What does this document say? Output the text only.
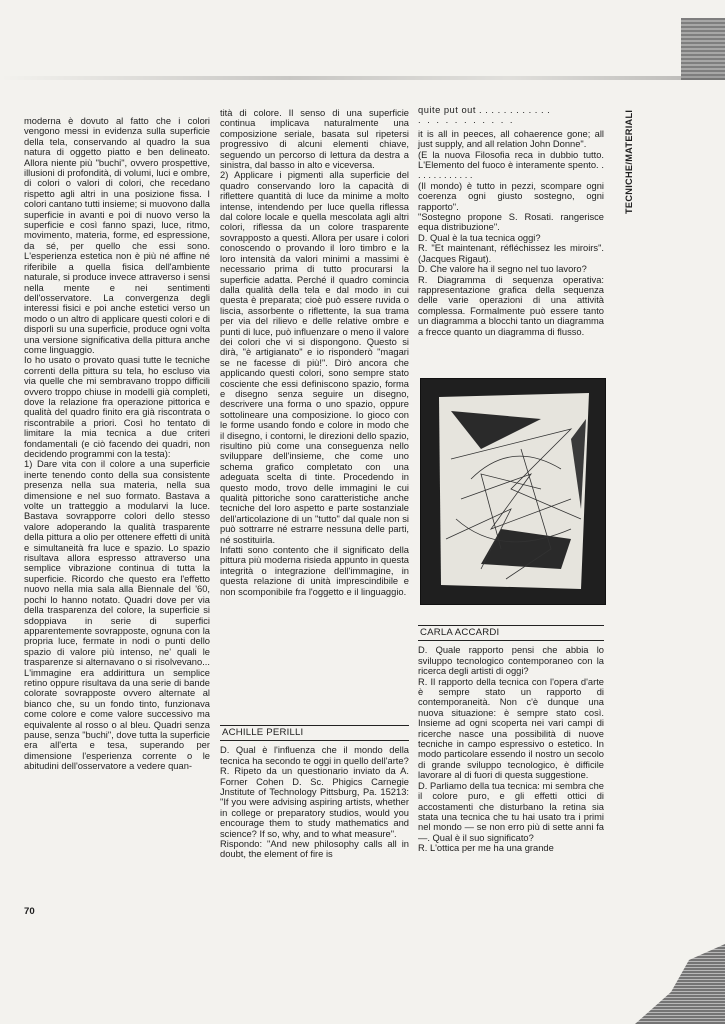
TECNICHE/MATERIALI

moderna è dovuto al fatto che i colori vengono messi in evidenza sulla superficie della tela, conservando al quadro la sua natura di oggetto piatto e ben delineato. Allora niente più "buchi", ovvero prospettive, illusioni di profondità, di volumi, luci e ombre, di colori o valori di colori, che recedano rispetto agli altri in una posizione fissa. I colori cantano tutti insieme; si muovono dalla superficie in avanti e poi di nuovo verso la superficie e così fanno spazi, luce, ritmo, movimento, materia, forme, ed espressione, da sé, per quello che essi sono. L'esperienza estetica non è più né affine né riferibile a quella fisica dell'ambiente naturale, si produce invece attraverso i sensi nella mente e nei sentimenti dell'osservatore. La convergenza degli interessi fisici e poi anche estetici verso un modo o un altro di applicare questi colori e di disporli su una superficie, produce ogni volta una versione significativa della pittura anche come linguaggio.
Io ho usato o provato quasi tutte le tecniche correnti della pittura su tela, ho escluso via via quelle che mi sembravano troppo difficili ovvero troppo chiuse in modelli già completi, dove la relazione fra operazione pittorica e qualità del quadro finito era già riscontrata o riscontrabile a priori. Così ho tentato di limitare la mia tecnica a due criteri fondamentali (e ciò facendo dei quadri, non decidendo programmi con la testa):
1) Dare vita con il colore a una superficie inerte tenendo conto della sua consistente presenza nella sua materia, nella sua dimensione e nel suo formato. Bastava a volte un tratteggio a modularvi la luce. Bastava sovrapporre colori dello stesso valore adoperando la qualità trasparente della pittura a olio per ottenere effetti di unità e simultaneità fra luce e spazio. Lo spazio risultava allora espresso attraverso una semplice vibrazione continua di tutta la superficie. Ricordo che questo era l'effetto nuovo nella mia sala alla Biennale del '60, pochi lo hanno notato. Quadri dove per via della trasparenza del colore, la superficie si sdoppiava in serie di superfici apparentemente sovrapposte, ognuna con la propria luce, fermate in nodi o punti dello spazio di valore più intenso, ne' quali le trasparenze si alternavano o si risolvevano... L'immagine era addirittura un semplice retino oppure risultava da una serie di bande colorate sovrapposte ovvero alternate al bianco che, su un fondo tinto, funzionava come colore e come valore successivo ma equivalente al rosso o al bleu. Quadri senza pause, senza "buchi", dove tutta la superficie era all'erta e tesa, superando per dimensione l'esperienza corrente o le abitudini dell'osservatore a vedere quan-

tità di colore. Il senso di una superficie continua implicava naturalmente una composizione seriale, basata sul ripetersi progressivo di alcuni elementi chiave, seguendo un percorso di lettura da destra a sinistra, dal basso in alto e viceversa.
2) Applicare i pigmenti alla superficie del quadro conservando loro la capacità di riflettere quantità di luce da minime a molto intense, intendendo per luce quella riflessa dal colore locale e quella mescolata agli altri colori, riflessa da un colore trasparente sovrapposto a questi. Allora per usare i colori conoscendo o provando il loro timbro e la loro intensità da valori minimi a massimi è necessario prima di tutto procurarsi la superficie adatta. Perché il quadro comincia dalla qualità della tela e dal modo in cui questa è preparata; cioè può essere ruvida o liscia, assorbente o riflettente, la sua trama per via del rilievo e delle relative ombre e punti di luce, può influenzare o meno il valore dei colori che vi si dispongono. Questo si dirà, "è artigianato" e io risponderò "magari se ne facesse di più!". Dirò ancora che applicando questi colori, sono sempre stato cosciente che essi definiscono spazio, forma e disegno senza seguire un disegno, descrivere una forma o uno spazio, oppure sottolineare una composizione. Io gioco con le forme usando fondo e colore in modo che il disegno, i contorni, le direzioni dello spazio, risultino più come una conseguenza nello sviluppare dell'insieme, che come uno schema grafico completato con una adeguata scelta di tinte. Procedendo in questo modo, trovo delle immagini le cui qualità pittoriche sono caratteristiche anche tecniche del loro aspetto e parte sostanziale dell'articolazione di un "tutto" dal quale non si può sottrarre né estrarre nessuna delle parti, né sostituirla.
Infatti sono contento che il significato della pittura più moderna risieda appunto in questa integrità o integrazione dell'immagine, in questa relazione di unità imprescindibile e non scomponibile fra l'oggetto e il linguaggio.

ACHILLE PERILLI

D. Qual è l'influenza che il mondo della tecnica ha secondo te oggi in quello dell'arte?
R. Ripeto da un questionario inviato da A. Forner Cohen D. Sc. Phigics Carnegie Jnstitute of Technology Pittsburg, Pa. 15213: "If you were advising aspiring artists, whether in college or preparatory studios, would you encourage them to study mathematics and science? If so, why, and to what measure".
Rispondo: "And new philosophy calls all in doubt, the element of fire is

quite put out . . . . . . . . . . . .

. . . . . . . . . . .

it is all in peeces, all cohaerence gone; all just supply, and all relation John Donne".
(E la nuova Filosofia reca in dubbio tutto. L'Elemento del fuoco è interamente spento. . . . . . . . . . . . .
(Il mondo) è tutto in pezzi, scompare ogni coerenza ogni giusto sostegno, ogni rapporto".
"Sostegno propone S. Rosati. rangerisce equa distribuzione".
D. Qual è la tua tecnica oggi?
R. "Et maintenant, réfléchissez les miroirs". (Jacques Rigaut).
D. Che valore ha il segno nel tuo lavoro?
R. Diagramma di sequenza operativa: rappresentazione grafica della sequenza delle varie operazioni di una attività complessa. Formalmente può essere tanto un diagramma a blocchi tanto un diagramma a frecce quanto un diagramma di flusso.

CARLA ACCARDI

D. Quale rapporto pensi che abbia lo sviluppo tecnologico contemporaneo con la ricerca degli artisti di oggi?
R. Il rapporto della tecnica con l'opera d'arte è sempre stato un rapporto di contemporaneità. Non c'è dunque una nuova situazione: è sempre stato così. Insieme ad ogni scoperta nei vari campi di ricerche nasce una possibilità di nuove tecniche in campo espressivo o estetico. In modo particolare essendo il nostro un secolo di grande sviluppo tecnologico, è difficile lavorare al di fuori di questa suggestione.
D. Parliamo della tua tecnica: mi sembra che il colore puro, e gli effetti ottici di accostamenti che disturbano la retina sia stata una tecnica che tu hai usato tra i primi nel mondo — se non erro più di sette anni fa —. Qual è il suo significato?
R. L'ottica per me ha una grande

70
